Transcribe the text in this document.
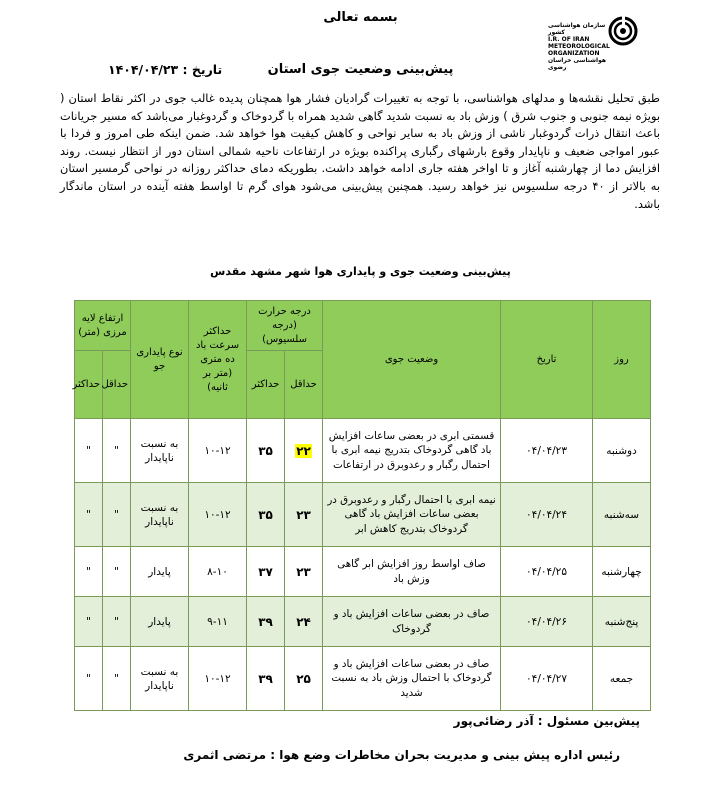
بسمه تعالی
سازمان هواشناسی کشور
I.R. OF IRAN
METEOROLOGICAL
ORGANIZATION
هواشناسی خراسان رضوی
تاریخ : ۱۴۰۴/۰۴/۲۳	پیش‌بینی وضعیت جوی استان
طبق تحلیل نقشه‌ها و مدلهای هواشناسی، با توجه به تغییرات گرادیان فشار هوا همچنان پدیده غالب جوی در اکثر نقاط استان ( بویژه نیمه جنوبی و جنوب شرق ) وزش باد به نسبت شدید گاهی شدید همراه با گردوخاک و گردوغبار می‌باشد که مسیر جریانات باعث انتقال ذرات گردوغبار ناشی از وزش باد به سایر نواحی و کاهش کیفیت هوا خواهد شد. ضمن اینکه طی امروز و فردا با عبور امواجی ضعیف و ناپایدار وقوع بارشهای رگباری پراکنده بویژه در ارتفاعات ناحیه شمالی استان دور از انتظار نیست. روند افزایش دما از چهارشنبه آغاز و تا اواخر هفته جاری ادامه خواهد داشت. بطوریکه دمای حداکثر روزانه در نواحی گرمسیر استان به بالاتر از ۴۰ درجه سلسیوس نیز خواهد رسید. همچنین پیش‌بینی می‌شود هوای گرم تا اواسط هفته آینده در استان ماندگار باشد.
پیش‌بینی وضعیت جوی و پایداری هوا شهر مشهد مقدس
روز	تاریخ	وضعیت جوی	درجه حرارت (درجه سلسیوس)		حداکثر سرعت باد ده متری (متر بر ثانیه)	نوع پایداری جو	ارتفاع لایه مرزی (متر)	
			حداقل	حداکثر			حداقل	حداکثر
دوشنبه	۰۴/۰۴/۲۳	قسمتی ابری در بعضی ساعات افزایش باد گاهی گردوخاک بتدریج نیمه ابری با احتمال رگبار و رعدوبرق در ارتفاعات	۲۲	۳۵	۱۰-۱۲	به نسبت ناپایدار	"	"
سه‌شنبه	۰۴/۰۴/۲۴	نیمه ابری با احتمال رگبار و رعدوبرق در بعضی ساعات افزایش باد گاهی گردوخاک بتدریج کاهش ابر	۲۳	۳۵	۱۰-۱۲	به نسبت ناپایدار	"	"
چهارشنبه	۰۴/۰۴/۲۵	صاف اواسط روز افزایش ابر گاهی وزش باد	۲۳	۳۷	۸-۱۰	پایدار	"	"
پنج‌شنبه	۰۴/۰۴/۲۶	صاف در بعضی ساعات افزایش باد و گردوخاک	۲۴	۳۹	۹-۱۱	پایدار	"	"
جمعه	۰۴/۰۴/۲۷	صاف در بعضی ساعات افزایش باد و گردوخاک با احتمال وزش باد به نسبت شدید	۲۵	۳۹	۱۰-۱۲	به نسبت ناپایدار	"	"
پیش‌بین مسئول : آذر رضائی‌پور
رئیس اداره پیش بینی و مدیریت بحران مخاطرات وضع هوا : مرتضی اثمری
